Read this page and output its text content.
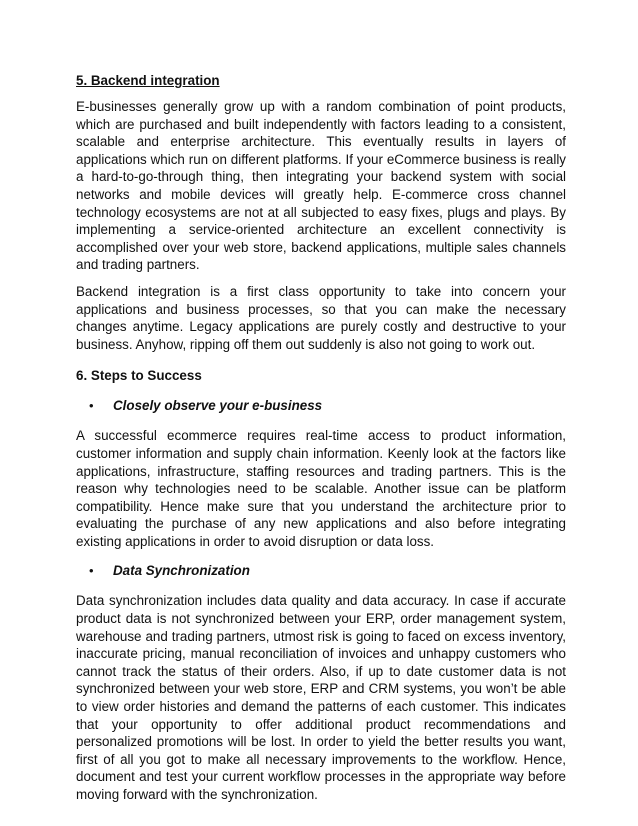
5. Backend integration

E-businesses generally grow up with a random combination of point products, which are purchased and built independently with factors leading to a consistent, scalable and enterprise architecture. This eventually results in layers of applications which run on different platforms. If your eCommerce business is really a hard-to-go-through thing, then integrating your backend system with social networks and mobile devices will greatly help. E-commerce cross channel technology ecosystems are not at all subjected to easy fixes, plugs and plays. By implementing a service-oriented architecture an excellent connectivity is accomplished over your web store, backend applications, multiple sales channels and trading partners.

Backend integration is a first class opportunity to take into concern your applications and business processes, so that you can make the necessary changes anytime. Legacy applications are purely costly and destructive to your business. Anyhow, ripping off them out suddenly is also not going to work out.

6. Steps to Success
•	Closely observe your e-business

A successful ecommerce requires real-time access to product information, customer information and supply chain information. Keenly look at the factors like applications, infrastructure, staffing resources and trading partners. This is the reason why technologies need to be scalable. Another issue can be platform compatibility. Hence make sure that you understand the architecture prior to evaluating the purchase of any new applications and also before integrating existing applications in order to avoid disruption or data loss.

•	Data Synchronization

Data synchronization includes data quality and data accuracy. In case if accurate product data is not synchronized between your ERP, order management system, warehouse and trading partners, utmost risk is going to faced on excess inventory, inaccurate pricing, manual reconciliation of invoices and unhappy customers who cannot track the status of their orders. Also, if up to date customer data is not synchronized between your web store, ERP and CRM systems, you won’t be able to view order histories and demand the patterns of each customer. This indicates that your opportunity to offer additional product recommendations and personalized promotions will be lost. In order to yield the better results you want, first of all you got to make all necessary improvements to the workflow. Hence, document and test your current workflow processes in the appropriate way before moving forward with the synchronization.
